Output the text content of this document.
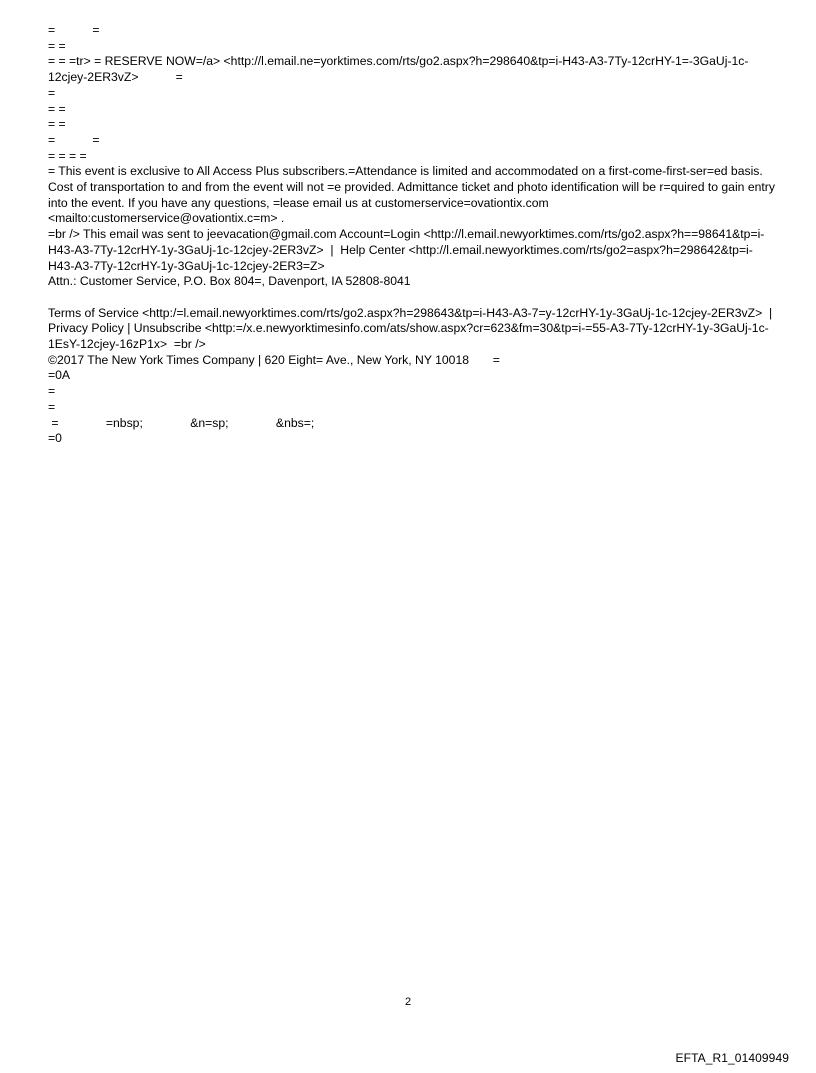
=           =

= =

= = =tr> = RESERVE NOW=/a> <http://l.email.ne=yorktimes.com/rts/go2.aspx?h=298640&tp=i-H43-A3-7Ty-12crHY-1=-3GaUj-1c-12cjey-2ER3vZ>           =

=

= =

= =

=           =

= = = =

= This event is exclusive to All Access Plus subscribers.=Attendance is limited and accommodated on a first-come-first-ser=ed basis. Cost of transportation to and from the event will not =e provided. Admittance ticket and photo identification will be r=quired to gain entry into the event. If you have any questions, =lease email us at customerservice=ovationtix.com <mailto:customerservice@ovationtix.c=m> .

=br /> This email was sent to jeevacation@gmail.com Account=Login <http://l.email.newyorktimes.com/rts/go2.aspx?h==98641&tp=i-H43-A3-7Ty-12crHY-1y-3GaUj-1c-12cjey-2ER3vZ>  |  Help Center <http://l.email.newyorktimes.com/rts/go2=aspx?h=298642&tp=i-H43-A3-7Ty-12crHY-1y-3GaUj-1c-12cjey-2ER3=Z>

Attn.: Customer Service, P.O. Box 804=, Davenport, IA 52808-8041

Terms of Service <http:/=l.email.newyorktimes.com/rts/go2.aspx?h=298643&tp=i-H43-A3-7=y-12crHY-1y-3GaUj-1c-12cjey-2ER3vZ>  | Privacy Policy | Unsubscribe <http:=/x.e.newyorktimesinfo.com/ats/show.aspx?cr=623&fm=30&tp=i-=55-A3-7Ty-12crHY-1y-3GaUj-1c-1EsY-12cjey-16zP1x>  =br />

©2017 The New York Times Company | 620 Eight= Ave., New York, NY 10018       =

=0A

=

=

=              =nbsp;              &n=sp;              &nbs=;

=0

2
EFTA_R1_01409949
